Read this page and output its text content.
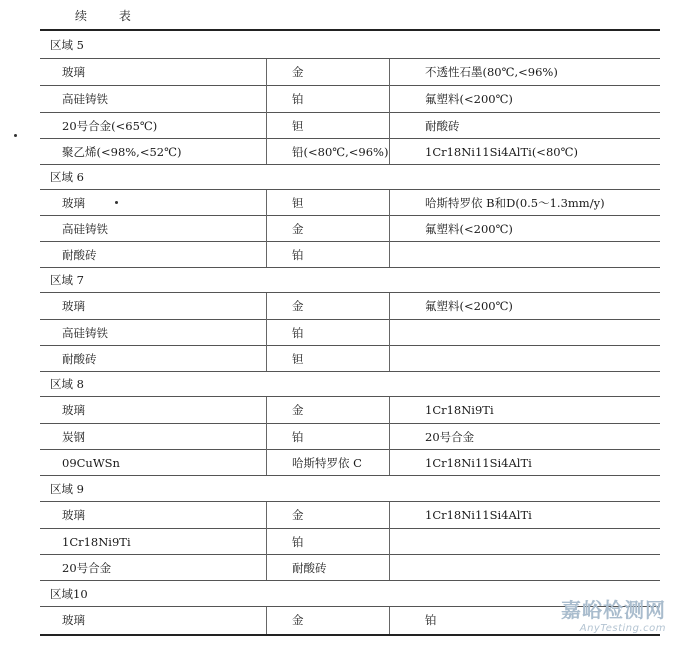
续 表
区域 5
玻璃	金	不透性石墨(80℃,<96%)
高硅铸铁	铂	氟塑料(<200℃)
20号合金(<65℃)	钽	耐酸砖
聚乙烯(<98%,<52℃)	铅(<80℃,<96%)	1Cr18Ni11Si4AlTi(<80℃)
区域 6
玻璃	钽	哈斯特罗依 B和D(0.5～1.3mm/y)
高硅铸铁	金	氟塑料(<200℃)
耐酸砖	铂
区域 7
玻璃	金	氟塑料(<200℃)
高硅铸铁	铂
耐酸砖	钽
区域 8
玻璃	金	1Cr18Ni9Ti
炭钢	铂	20号合金
09CuWSn	哈斯特罗依 C	1Cr18Ni11Si4AlTi
区域 9
玻璃	金	1Cr18Ni11Si4AlTi
1Cr18Ni9Ti	铂
20号合金	耐酸砖
区域10
玻璃	金	铂	嘉峪检测网
AnyTesting.com
